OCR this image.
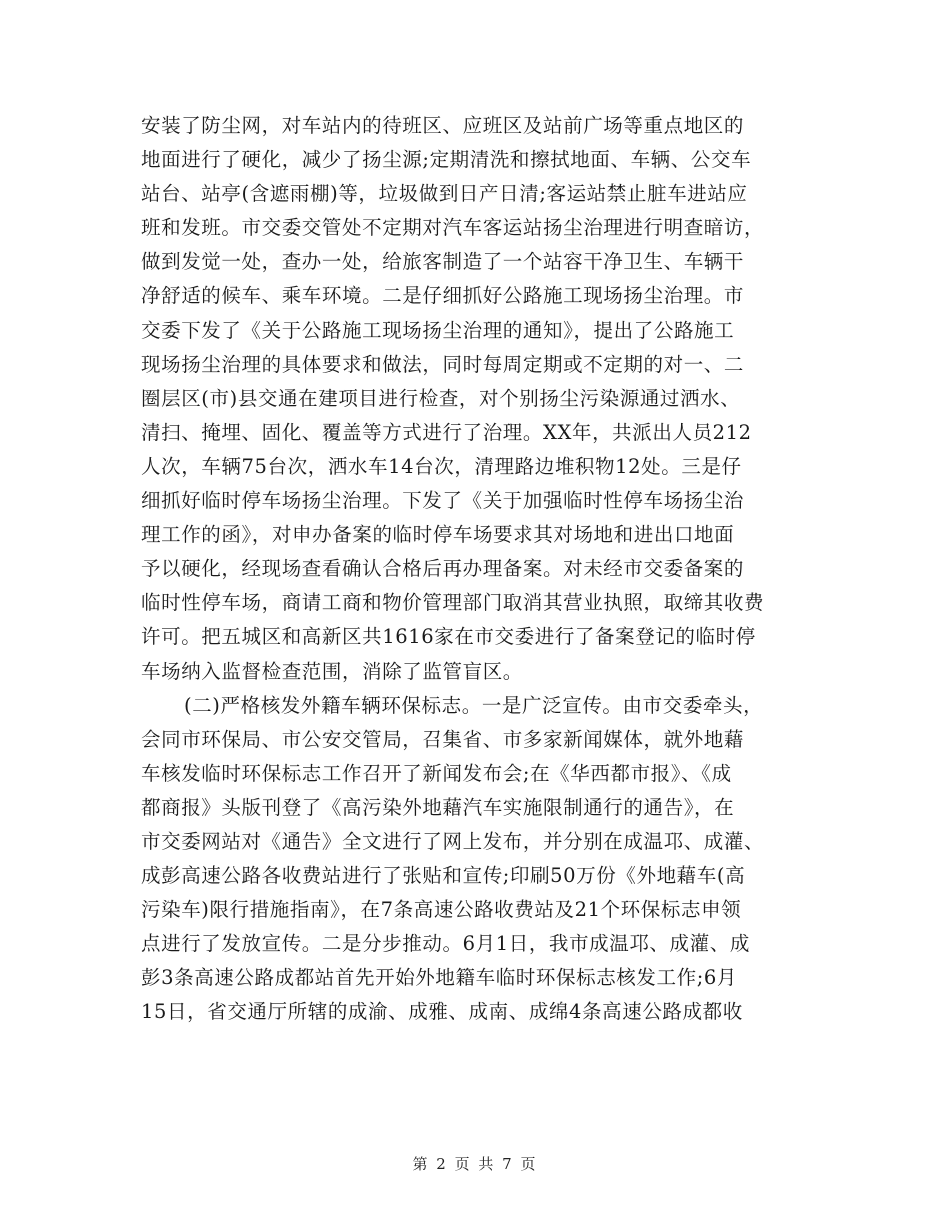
安装了防尘网，对车站内的待班区、应班区及站前广场等重点地区的
地面进行了硬化，减少了扬尘源;定期清洗和擦拭地面、车辆、公交车
站台、站亭(含遮雨棚)等，垃圾做到日产日清;客运站禁止脏车进站应
班和发班。市交委交管处不定期对汽车客运站扬尘治理进行明查暗访，
做到发觉一处，查办一处，给旅客制造了一个站容干净卫生、车辆干
净舒适的候车、乘车环境。二是仔细抓好公路施工现场扬尘治理。市
交委下发了《关于公路施工现场扬尘治理的通知》，提出了公路施工
现场扬尘治理的具体要求和做法，同时每周定期或不定期的对一、二
圈层区(市)县交通在建项目进行检查，对个别扬尘污染源通过洒水、
清扫、掩埋、固化、覆盖等方式进行了治理。XX年，共派出人员212
人次，车辆75台次，洒水车14台次，清理路边堆积物12处。三是仔
细抓好临时停车场扬尘治理。下发了《关于加强临时性停车场扬尘治
理工作的函》，对申办备案的临时停车场要求其对场地和进出口地面
予以硬化，经现场查看确认合格后再办理备案。对未经市交委备案的
临时性停车场，商请工商和物价管理部门取消其营业执照，取缔其收费
许可。把五城区和高新区共1616家在市交委进行了备案登记的临时停
车场纳入监督检查范围，消除了监管盲区。
(二)严格核发外籍车辆环保标志。一是广泛宣传。由市交委牵头，
会同市环保局、市公安交管局，召集省、市多家新闻媒体，就外地藉
车核发临时环保标志工作召开了新闻发布会;在《华西都市报》、《成
都商报》头版刊登了《高污染外地藉汽车实施限制通行的通告》，在
市交委网站对《通告》全文进行了网上发布，并分别在成温邛、成灌、
成彭高速公路各收费站进行了张贴和宣传;印刷50万份《外地藉车(高
污染车)限行措施指南》，在7条高速公路收费站及21个环保标志申领
点进行了发放宣传。二是分步推动。6月1日，我市成温邛、成灌、成
彭3条高速公路成都站首先开始外地籍车临时环保标志核发工作;6月
15日，省交通厅所辖的成渝、成雅、成南、成绵4条高速公路成都收
第 2 页 共 7 页
